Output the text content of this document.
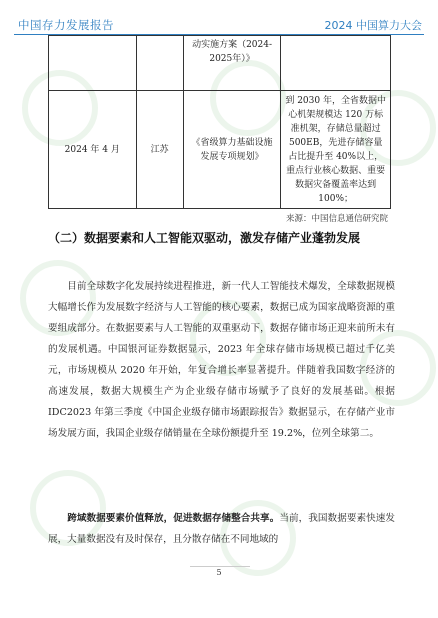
中国存力发展报告	2024 中国算力大会
		动实施方案（2024-2025年）》	
2024 年 4 月	江苏	《省级算力基础设施发展专项规划》	到 2030 年，全省数据中心机架规模达 120 万标准机架，存储总量超过 500EB，先进存储容量占比提升至 40%以上，重点行业核心数据、重要数据灾备覆盖率达到 100%；
来源：中国信息通信研究院
（二）数据要素和人工智能双驱动，激发存储产业蓬勃发展
目前全球数字化发展持续进程推进，新一代人工智能技术爆发，全球数据规模大幅增长作为发展数字经济与人工智能的核心要素，数据已成为国家战略资源的重要组成部分。在数据要素与人工智能的双重驱动下，数据存储市场正迎来前所未有的发展机遇。中国银河证券数据显示，2023 年全球存储市场规模已超过千亿美元，市场规模从 2020 年开始，年复合增长率显著提升。伴随着我国数字经济的高速发展，数据大规模生产为企业级存储市场赋予了良好的发展基础。根据 IDC2023 年第三季度《中国企业级存储市场跟踪报告》数据显示，在存储产业市场发展方面，我国企业级存储销量在全球份额提升至 19.2%，位列全球第二。
跨域数据要素价值释放，促进数据存储整合共享。当前，我国数据要素快速发展，大量数据没有及时保存，且分散存储在不同地域的
5
